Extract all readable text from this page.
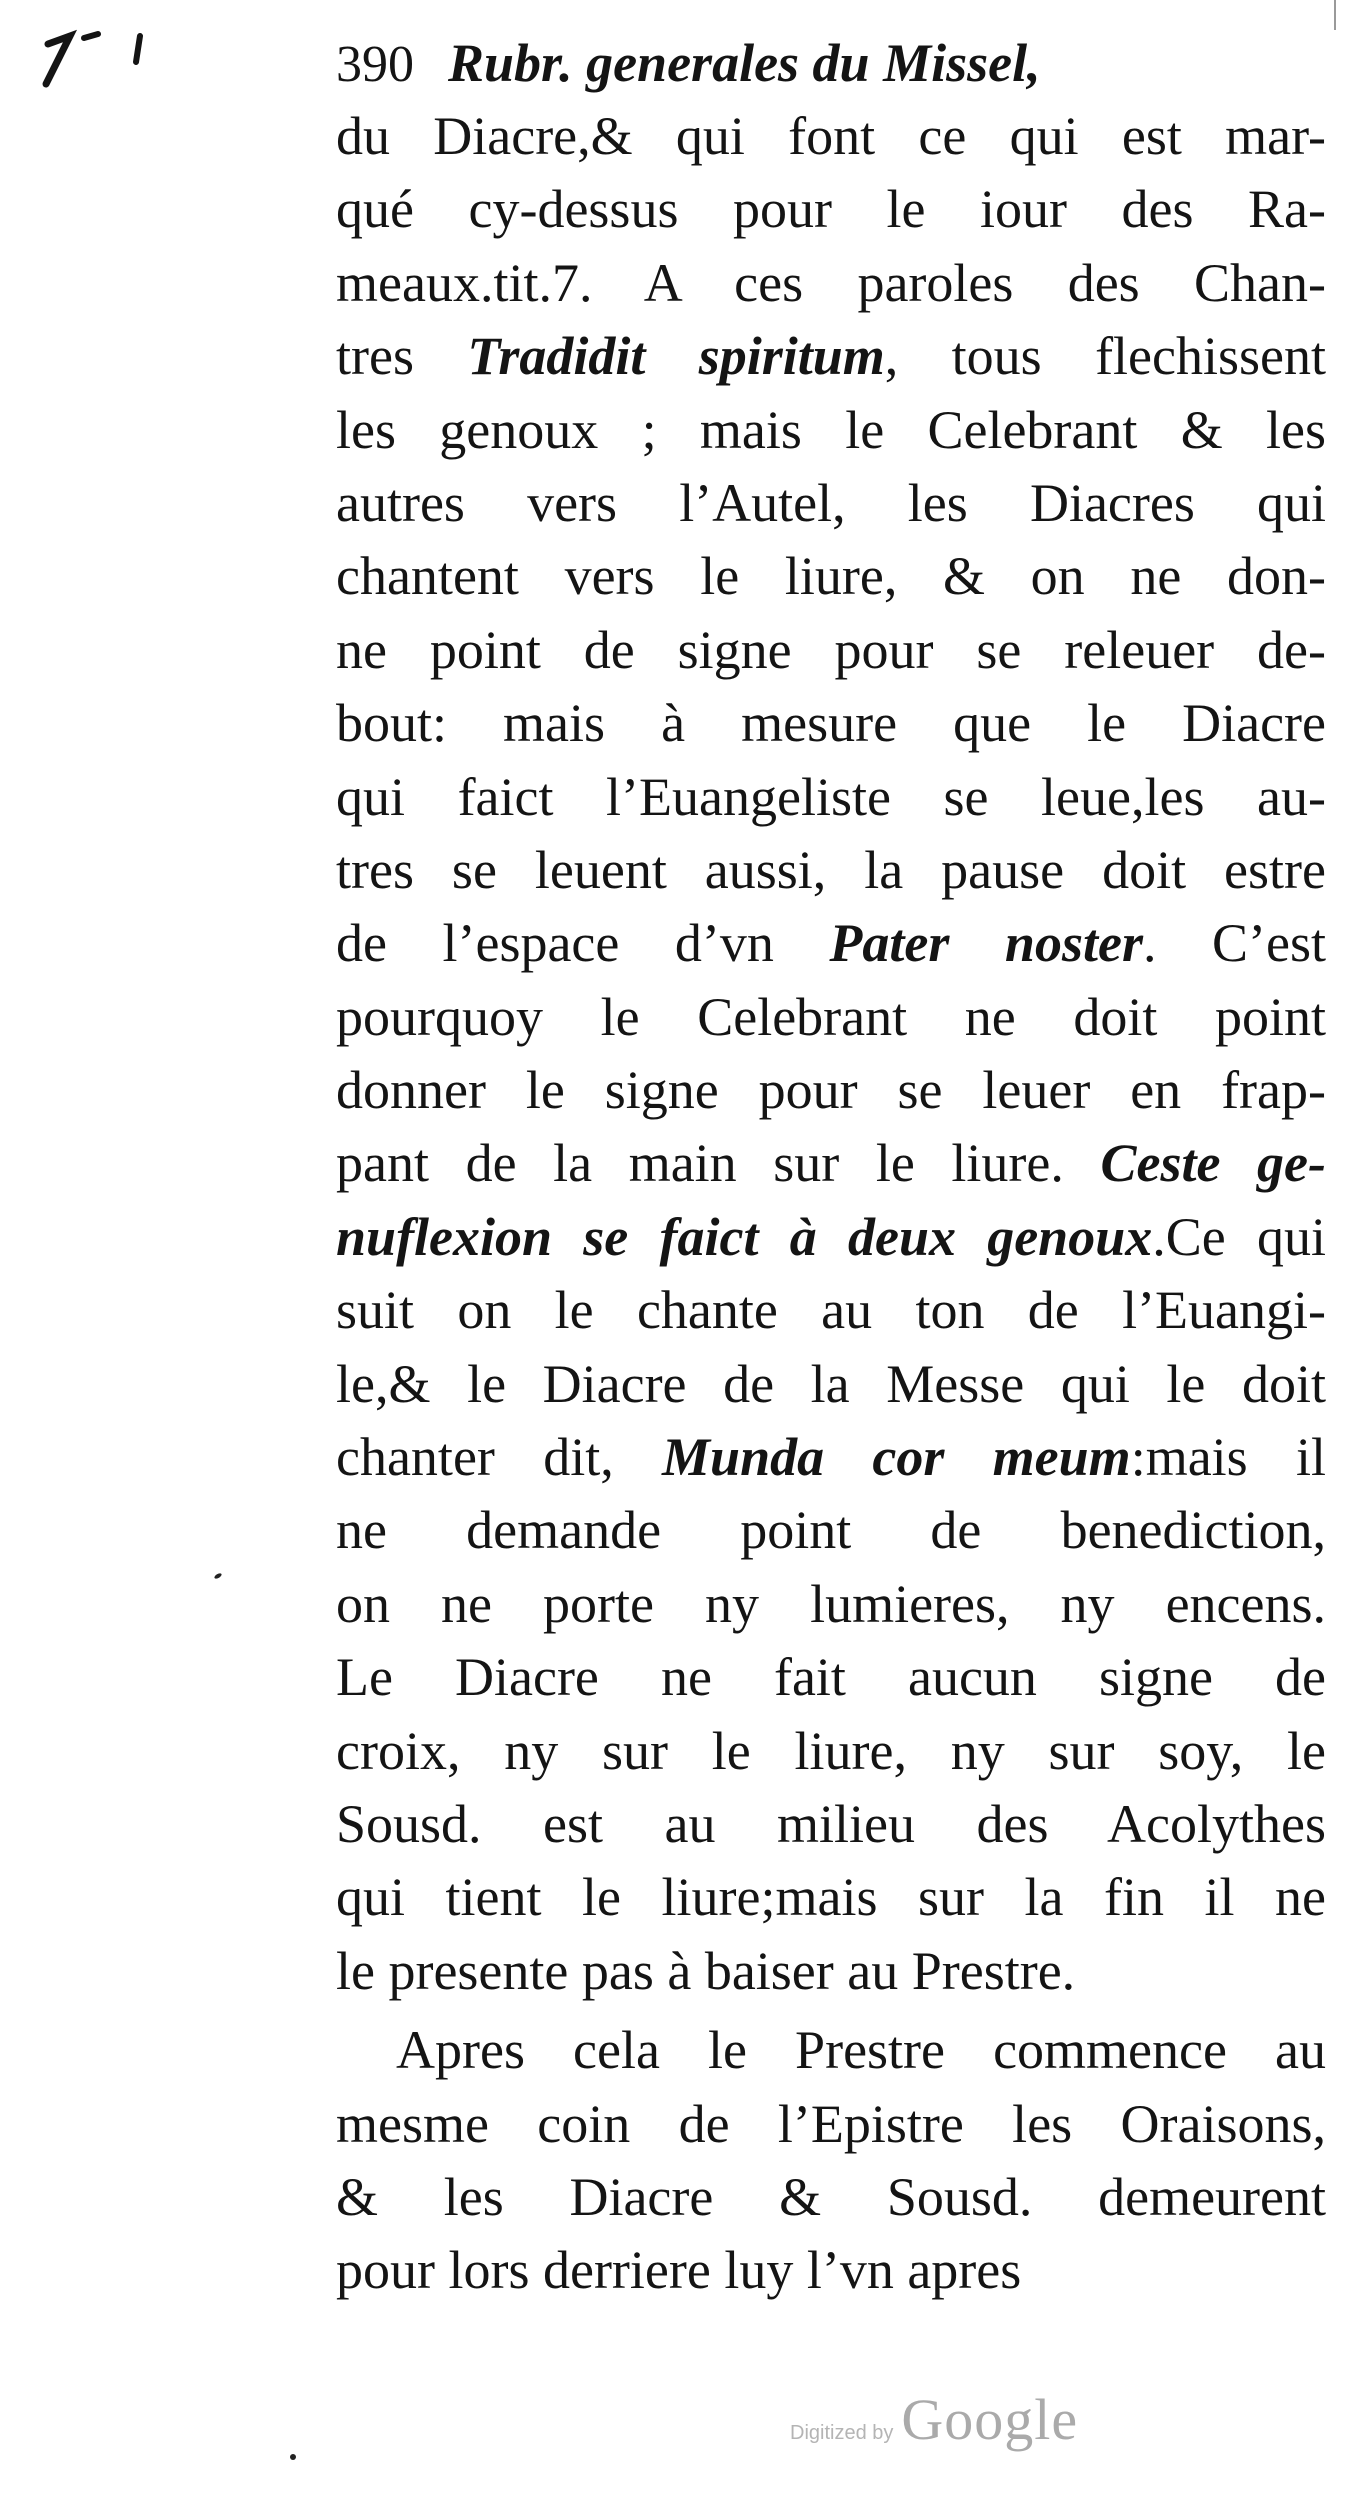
390 Rubr. generales du Missel,
du Diacre,& qui font ce qui est mar-
qué cy-dessus pour le iour des Ra-
meaux.tit.7. A ces paroles des Chan-
tres Tradidit spiritum, tous flechissent
les genoux ; mais le Celebrant & les
autres vers l’Autel, les Diacres qui
chantent vers le liure, & on ne don-
ne point de signe pour se releuer de-
bout: mais à mesure que le Diacre
qui faict l’Euangeliste se leue,les au-
tres se leuent aussi, la pause doit estre
de l’espace d’vn Pater noster. C’est
pourquoy le Celebrant ne doit point
donner le signe pour se leuer en frap-
pant de la main sur le liure. Ceste ge-
nuflexion se faict à deux genoux.Ce qui
suit on le chante au ton de l’Euangi-
le,& le Diacre de la Messe qui le doit
chanter dit, Munda cor meum:mais il
ne demande point de benediction,
on ne porte ny lumieres, ny encens.
Le Diacre ne fait aucun signe de
croix, ny sur le liure, ny sur soy, le
Sousd. est au milieu des Acolythes
qui tient le liure;mais sur la fin il ne
le presente pas à baiser au Prestre.
Apres cela le Prestre commence au
mesme coin de l’Epistre les Oraisons,
& les Diacre & Sousd. demeurent
pour lors derriere luy l’vn apres
Digitized by Google
